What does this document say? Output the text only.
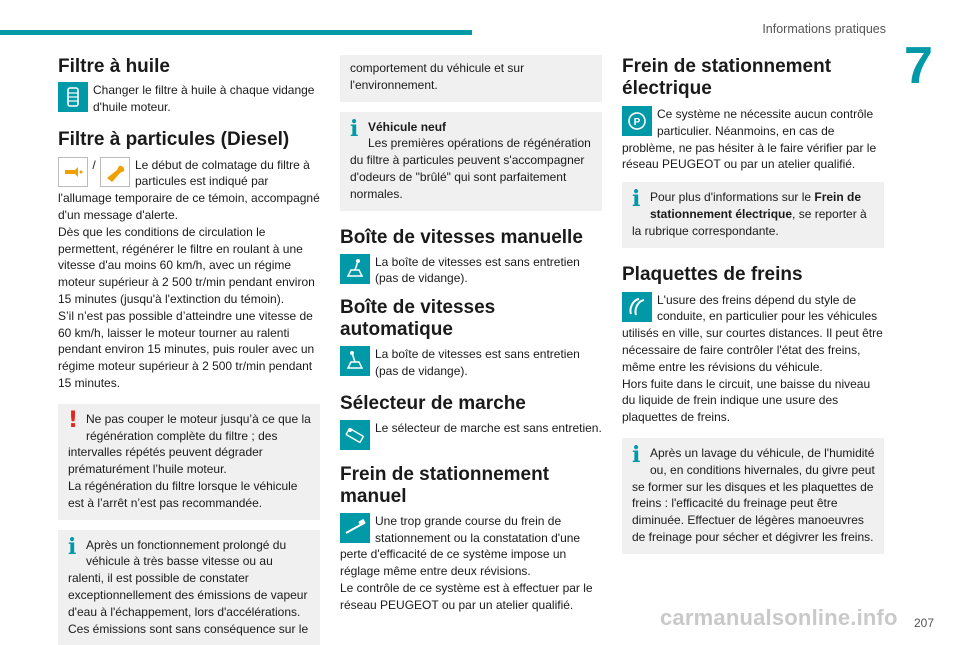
Informations pratiques
7
207
carmanualsonline.info
Filtre à huile
Changer le filtre à huile à chaque vidange d'huile moteur.
Filtre à particules (Diesel)
/	Le début de colmatage du filtre à particules est indiqué par l'allumage temporaire de ce témoin, accompagné d'un message d'alerte.
Dès que les conditions de circulation le permettent, régénérer le filtre en roulant à une vitesse d'au moins 60 km/h, avec un régime moteur supérieur à 2 500 tr/min pendant environ 15 minutes (jusqu'à l'extinction du témoin).
S’il n’est pas possible d’atteindre une vitesse de 60 km/h, laisser le moteur tourner au ralenti pendant environ 15 minutes, puis rouler avec un régime moteur supérieur à 2 500 tr/min pendant 15 minutes.
! Ne pas couper le moteur jusqu’à ce que la régénération complète du filtre ; des intervalles répétés peuvent dégrader prématurément l’huile moteur.
La régénération du filtre lorsque le véhicule est à l’arrêt n’est pas recommandée.
i Après un fonctionnement prolongé du véhicule à très basse vitesse ou au ralenti, il est possible de constater exceptionnellement des émissions de vapeur d'eau à l'échappement, lors d'accélérations. Ces émissions sont sans conséquence sur le
comportement du véhicule et sur l'environnement.
i Véhicule neuf
Les premières opérations de régénération du filtre à particules peuvent s'accompagner d'odeurs de "brûlé" qui sont parfaitement normales.
Boîte de vitesses manuelle
La boîte de vitesses est sans entretien (pas de vidange).
Boîte de vitesses automatique
La boîte de vitesses est sans entretien (pas de vidange).
Sélecteur de marche
Le sélecteur de marche est sans entretien.
Frein de stationnement manuel
Une trop grande course du frein de stationnement ou la constatation d'une perte d'efficacité de ce système impose un réglage même entre deux révisions.
Le contrôle de ce système est à effectuer par le réseau PEUGEOT ou par un atelier qualifié.
Frein de stationnement électrique
P
Ce système ne nécessite aucun contrôle particulier. Néanmoins, en cas de problème, ne pas hésiter à le faire vérifier par le réseau PEUGEOT ou par un atelier qualifié.
i Pour plus d'informations sur le Frein de stationnement électrique, se reporter à la rubrique correspondante.
Plaquettes de freins
L'usure des freins dépend du style de conduite, en particulier pour les véhicules utilisés en ville, sur courtes distances. Il peut être nécessaire de faire contrôler l'état des freins, même entre les révisions du véhicule.
Hors fuite dans le circuit, une baisse du niveau du liquide de frein indique une usure des plaquettes de freins.
i Après un lavage du véhicule, de l'humidité ou, en conditions hivernales, du givre peut se former sur les disques et les plaquettes de freins : l'efficacité du freinage peut être diminuée. Effectuer de légères manoeuvres de freinage pour sécher et dégivrer les freins.
